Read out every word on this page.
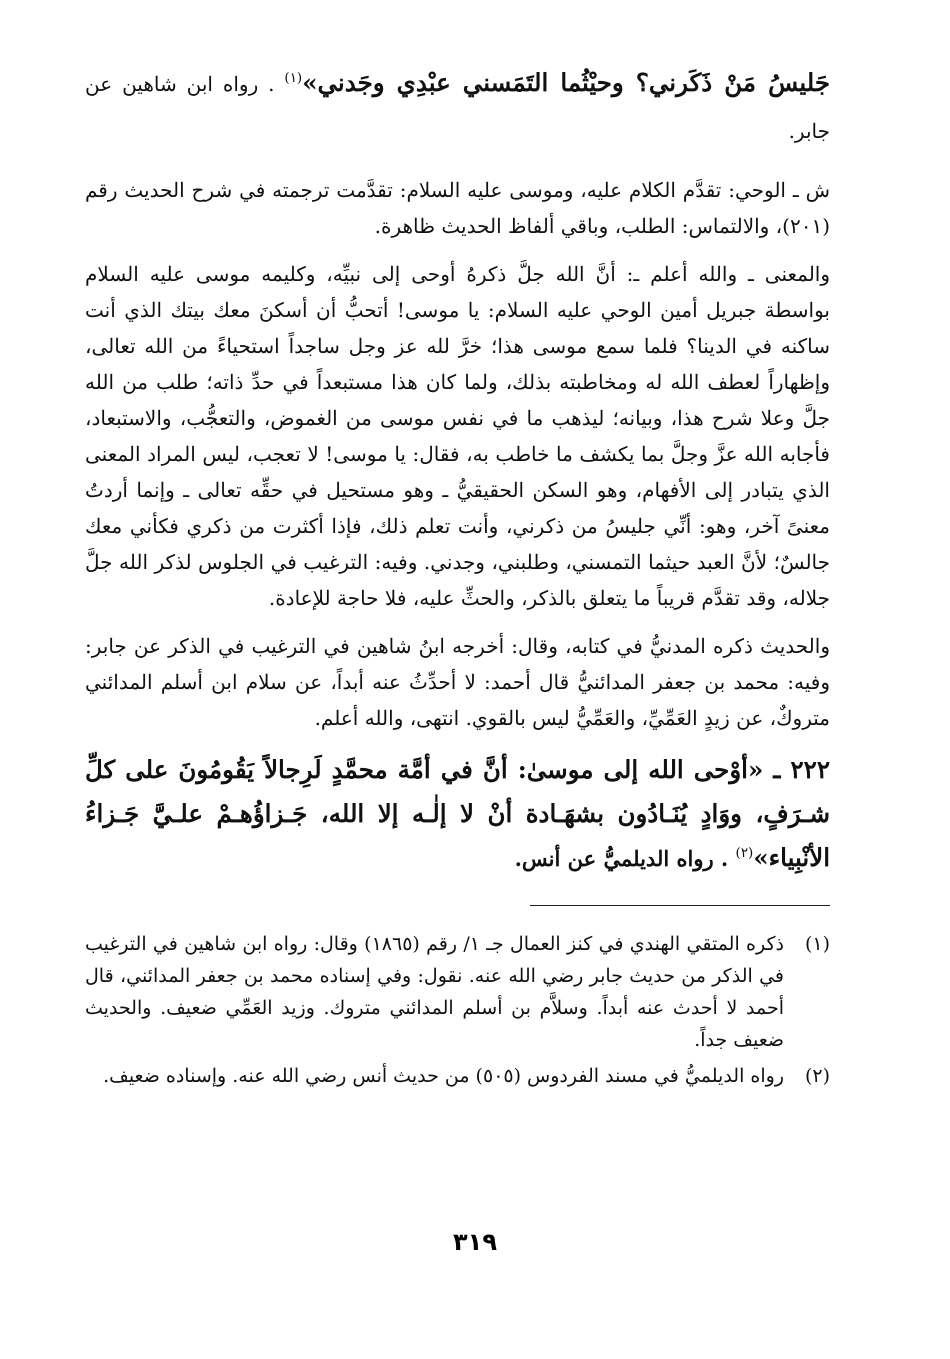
جَليسُ مَنْ ذَكَرني؟ وحيْثُما التَمَسني عبْدِي وجَدني»$^{(١)}$ . رواه ابن شاهين عن جابر.

ش ـ الوحي: تقدَّم الكلام عليه، وموسى عليه السلام: تقدَّمت ترجمته في شرح الحديث رقم (٢٠١)، والالتماس: الطلب، وباقي ألفاظ الحديث ظاهرة.

والمعنى ـ والله أعلم ـ: أنَّ الله جلَّ ذكرهُ أوحى إلى نبيِّه، وكليمه موسى عليه السلام بواسطة جبريل أمين الوحي عليه السلام: يا موسى! أتحبُّ أن أسكنَ معك بيتك الذي أنت ساكنه في الدينا؟ فلما سمع موسى هذا؛ خرَّ لله عز وجل ساجداً استحياءً من الله تعالى، وإظهاراً لعطف الله له ومخاطبته بذلك، ولما كان هذا مستبعداً في حدِّ ذاته؛ طلب من الله جلَّ وعلا شرح هذا، وبيانه؛ ليذهب ما في نفس موسى من الغموض، والتعجُّب، والاستبعاد، فأجابه الله عزَّ وجلَّ بما يكشف ما خاطب به، فقال: يا موسى! لا تعجب، ليس المراد المعنى الذي يتبادر إلى الأفهام، وهو السكن الحقيقيُّ ـ وهو مستحيل في حقِّه تعالى ـ وإنما أردتُ معنىً آخر، وهو: أنِّي جليسُ من ذكرني، وأنت تعلم ذلك، فإذا أكثرت من ذكري فكأني معك جالسٌ؛ لأنَّ العبد حيثما التمسني، وطلبني، وجدني. وفيه: الترغيب في الجلوس لذكر الله جلَّ جلاله، وقد تقدَّم قريباً ما يتعلق بالذكر، والحثِّ عليه، فلا حاجة للإعادة.

والحديث ذكره المدنيُّ في كتابه، وقال: أخرجه ابنُ شاهين في الترغيب في الذكر عن جابر: وفيه: محمد بن جعفر المدائنيُّ قال أحمد: لا أحدِّثُ عنه أبداً، عن سلام ابن أسلم المدائني متروكٌ، عن زيدٍ العَمِّيِّ، والعَمِّيُّ ليس بالقوي. انتهى، والله أعلم.

٢٢٢ ـ «أوْحى الله إلى موسىٰ: أنَّ في أمَّة محمَّدٍ لَرِجالاً يَقُومُونَ على كلِّ شـرَفٍ، ووَادٍ يُنَـادُون بشهَـادة أنْ لا إلٰـه إلا الله، جَـزاؤُهـمْ علـيَّ جَـزاءُ الأنْبِياء»$^{(٢)}$ . رواه الديلميُّ عن أنس.

(١)
ذكره المتقي الهندي في كنز العمال جـ ١/ رقم (١٨٦٥) وقال: رواه ابن شاهين في الترغيب في الذكر من حديث جابر رضي الله عنه. نقول: وفي إسناده محمد بن جعفر المدائني، قال أحمد لا أحدث عنه أبداً. وسلاَّم بن أسلم المدائني متروك. وزيد العَمِّي ضعيف. والحديث ضعيف جداً.
(٢)
رواه الديلميُّ في مسند الفردوس (٥٠٥) من حديث أنس رضي الله عنه. وإسناده ضعيف.
٣١٩
